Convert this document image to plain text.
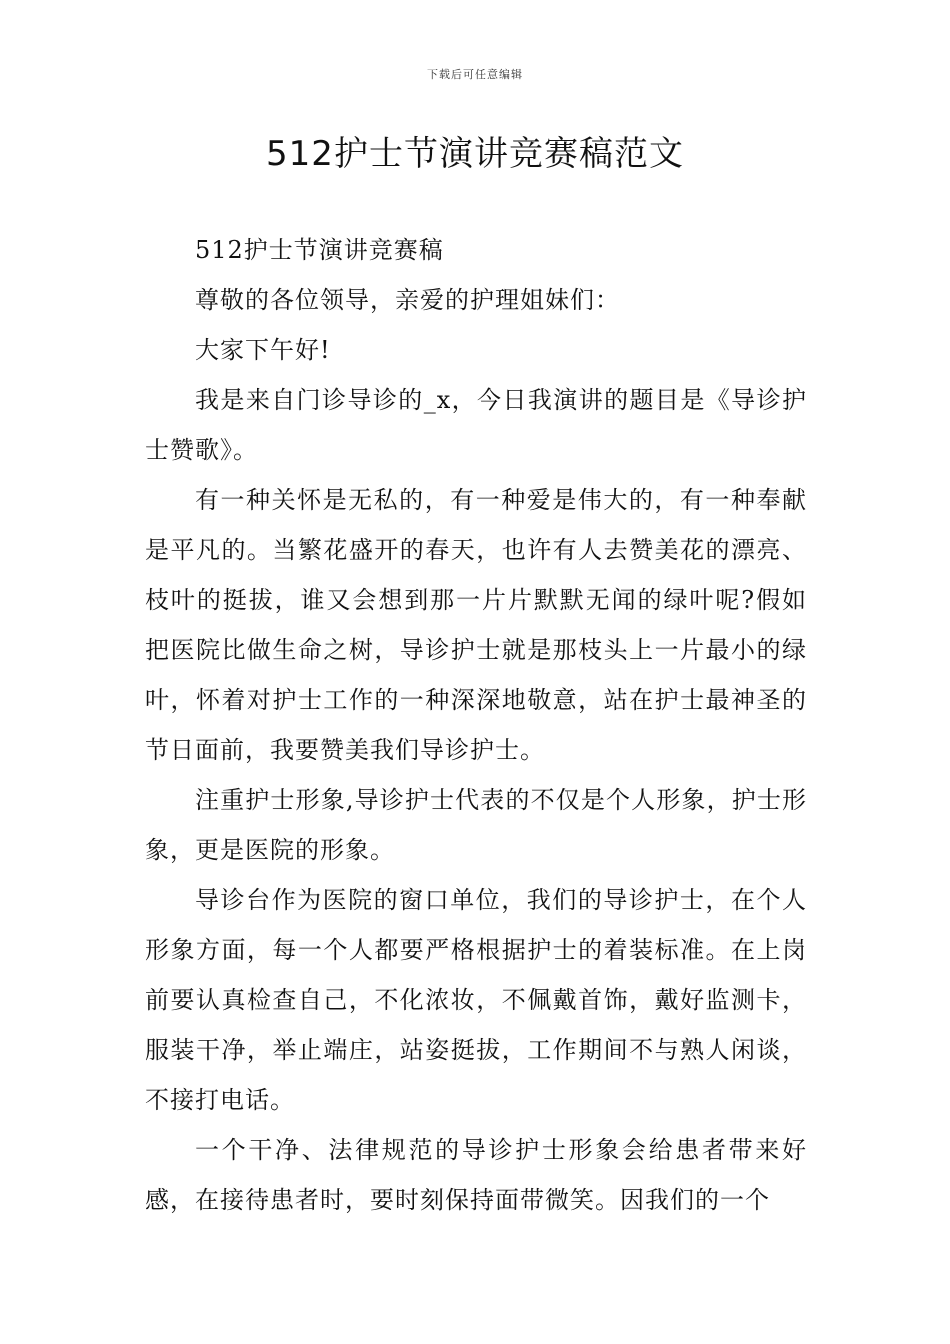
下载后可任意编辑
512护士节演讲竞赛稿范文

512护士节演讲竞赛稿

尊敬的各位领导，亲爱的护理姐妹们：

大家下午好!

我是来自门诊导诊的_x，今日我演讲的题目是《导诊护士赞歌》。

有一种关怀是无私的，有一种爱是伟大的，有一种奉献是平凡的。当繁花盛开的春天，也许有人去赞美花的漂亮、枝叶的挺拔，谁又会想到那一片片默默无闻的绿叶呢?假如把医院比做生命之树，导诊护士就是那枝头上一片最小的绿叶，怀着对护士工作的一种深深地敬意，站在护士最神圣的节日面前，我要赞美我们导诊护士。

注重护士形象,导诊护士代表的不仅是个人形象，护士形象，更是医院的形象。

导诊台作为医院的窗口单位，我们的导诊护士，在个人形象方面，每一个人都要严格根据护士的着装标准。在上岗前要认真检查自己，不化浓妆，不佩戴首饰，戴好监测卡，服装干净，举止端庄，站姿挺拔，工作期间不与熟人闲谈，不接打电话。

一个干净、法律规范的导诊护士形象会给患者带来好感，在接待患者时，要时刻保持面带微笑。因我们的一个
